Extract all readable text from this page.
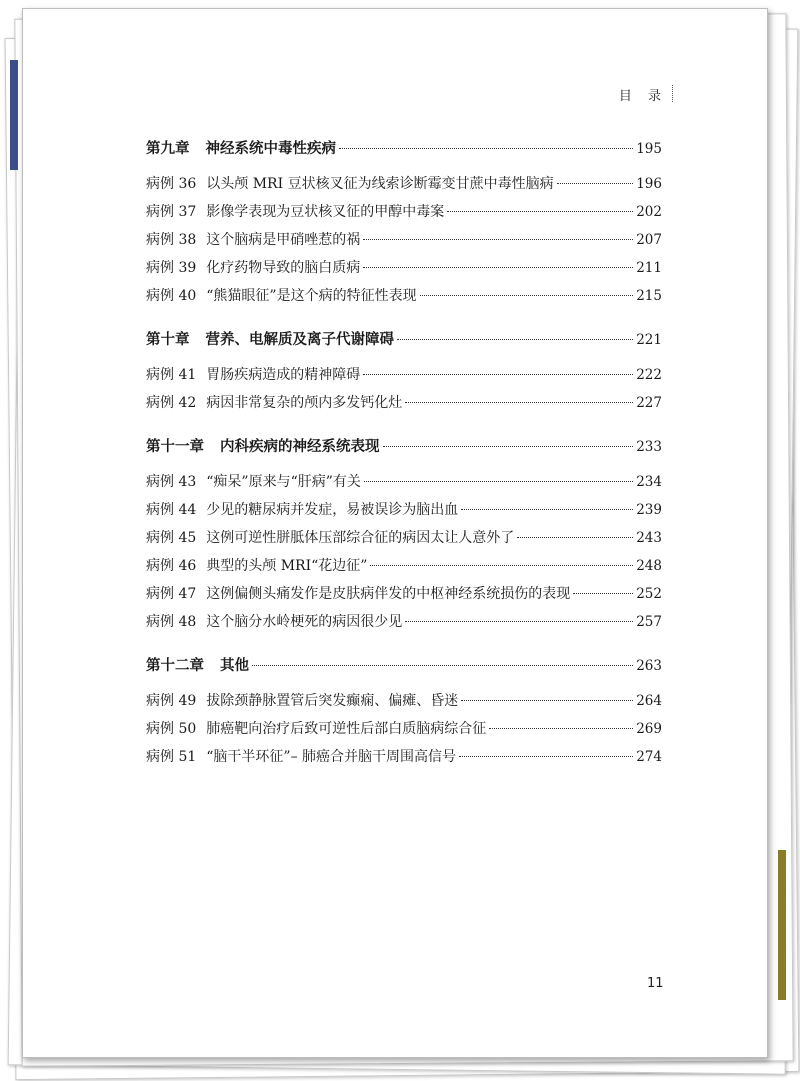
目 录
11
第九章 神经系统中毒性疾病	195
病例 36 以头颅 MRI 豆状核叉征为线索诊断霉变甘蔗中毒性脑病	196
病例 37 影像学表现为豆状核叉征的甲醇中毒案	202
病例 38 这个脑病是甲硝唑惹的祸	207
病例 39 化疗药物导致的脑白质病	211
病例 40 “熊猫眼征”是这个病的特征性表现	215
第十章 营养、电解质及离子代谢障碍	221
病例 41 胃肠疾病造成的精神障碍	222
病例 42 病因非常复杂的颅内多发钙化灶	227
第十一章 内科疾病的神经系统表现	233
病例 43 “痴呆”原来与“肝病”有关	234
病例 44 少见的糖尿病并发症，易被误诊为脑出血	239
病例 45 这例可逆性胼胝体压部综合征的病因太让人意外了	243
病例 46 典型的头颅 MRI“花边征”	248
病例 47 这例偏侧头痛发作是皮肤病伴发的中枢神经系统损伤的表现	252
病例 48 这个脑分水岭梗死的病因很少见	257
第十二章 其他	263
病例 49 拔除颈静脉置管后突发癫痫、偏瘫、昏迷	264
病例 50 肺癌靶向治疗后致可逆性后部白质脑病综合征	269
病例 51 “脑干半环征”– 肺癌合并脑干周围高信号	274
